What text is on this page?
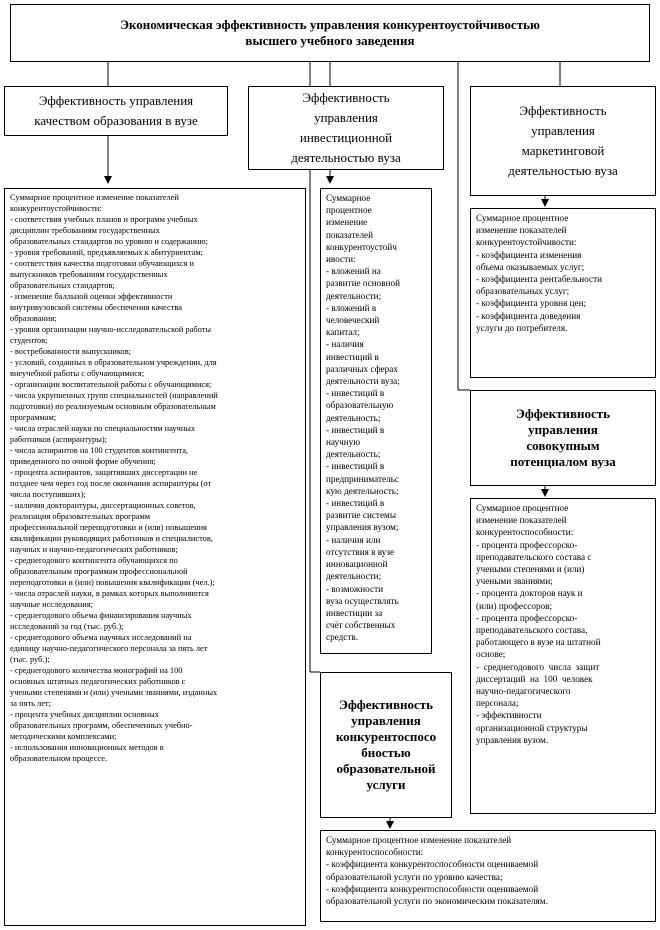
Экономическая эффективность управления конкурентоустойчивостью
высшего учебного заведения
Эффективность управления
качеством образования в вузе
Эффективность
управления
инвестиционной
деятельностью вуза
Эффективность
управления
маркетинговой
деятельностью вуза
Суммарное процентное изменение показателей
конкурентоустойчивости:
- соответствия учебных планов и программ учебных
дисциплин требованиям государственных
образовательных стандартов по уровню и содержанию;
- уровня требований, предъявляемых к абитуриентам;
- соответствия качества подготовки обучающихся и
выпускников требованиям государственных
образовательных стандартов;
- изменение балльной оценки эффективности
внутривузовской системы обеспечения качества
образования;
- уровня организации научно-исследовательской работы
студентов;
- востребованности выпускников;
- условий, созданных в образовательном учреждении, для
внеучебной работы с обучающимися;
- организации воспитательной работы с обучающимися;
- числа укрупненных групп специальностей (направлений
подготовки) по реализуемым основным образовательным
программам;
- числа отраслей науки по специальностям научных
работников (аспирантуры);
- числа аспирантов на 100 студентов контингента,
приведенного по очной форме обучения;
- процента аспирантов, защитивших диссертации не
позднее чем через год после окончания аспирантуры (от
числа поступивших);
- наличия докторантуры, диссертационных советов,
реализация образовательных программ
профессиональной переподготовки и (или) повышения
квалификации руководящих работников и специалистов,
научных и научно-педагогических работников;
- среднегодового контингента обучающихся по
образовательным программам профессиональной
переподготовки и (или) повышения квалификации (чел.);
- числа отраслей науки, в рамках которых выполняются
научные исследования;
- среднегодового объема финансирования научных
исследований за год (тыс. руб.);
- среднегодового объема научных исследований на
единицу научно-педагогического персонала за пять лет
(тыс. руб.);
- среднегодового количества монографий на 100
основных штатных педагогических работников с
учеными степенями и (или) учеными званиями, изданных
за пять лет;
- процента учебных дисциплин основных
образовательных программ, обеспеченных учебно-
методическими комплексами;
- использования инновационных методов в
образовательном процессе.
Суммарное
процентное
изменение
показателей
конкурентоустойч
ивости:
- вложений на
развитие основной
деятельности;
- вложений в
человеческий
капитал;
- наличия
инвестиций в
различных сферах
деятельности вуза;
- инвестиций в
образовательную
деятельность;
- инвестиций в
научную
деятельность;
- инвестиций в
предпринимательс
кую деятельность;
- инвестиций в
развитие системы
управления вузом;
- наличия или
отсутствия в вузе
инновационной
деятельности;
- возможности
вуза осуществлять
инвестиции за
счёт собственных
средств.
Суммарное процентное
изменение показателей
конкурентоустойчивости:
- коэффициента изменения
объема оказываемых услуг;
- коэффициента рентабельности
образовательных услуг;
- коэффициента уровня цен;
- коэффициента доведения
услуги до потребителя.
Эффективность
управления
совокупным
потенциалом вуза
Суммарное процентное
изменение показателей
конкурентоспособности:
- процента профессорско-
преподавательского состава с
учеными степенями и (или)
учеными званиями;
- процента докторов наук и
(или) профессоров;
- процента профессорско-
преподавательского состава,
работающего в вузе на штатной
основе;
-  среднегодового  числа  защит
диссертаций  на  100  человек
научно-педагогического
персонала;
- эффективности
организационной структуры
управления вузом.
Эффективность
управления
конкурентоспосо
бностью
образовательной
услуги
Суммарное процентное изменение показателей
конкурентоспособности:
- коэффициента конкурентоспособности оцениваемой
образовательной услуги по уровню качества;
- коэффициента конкурентоспособности оцениваемой
образовательной услуги по экономическим показателям.
